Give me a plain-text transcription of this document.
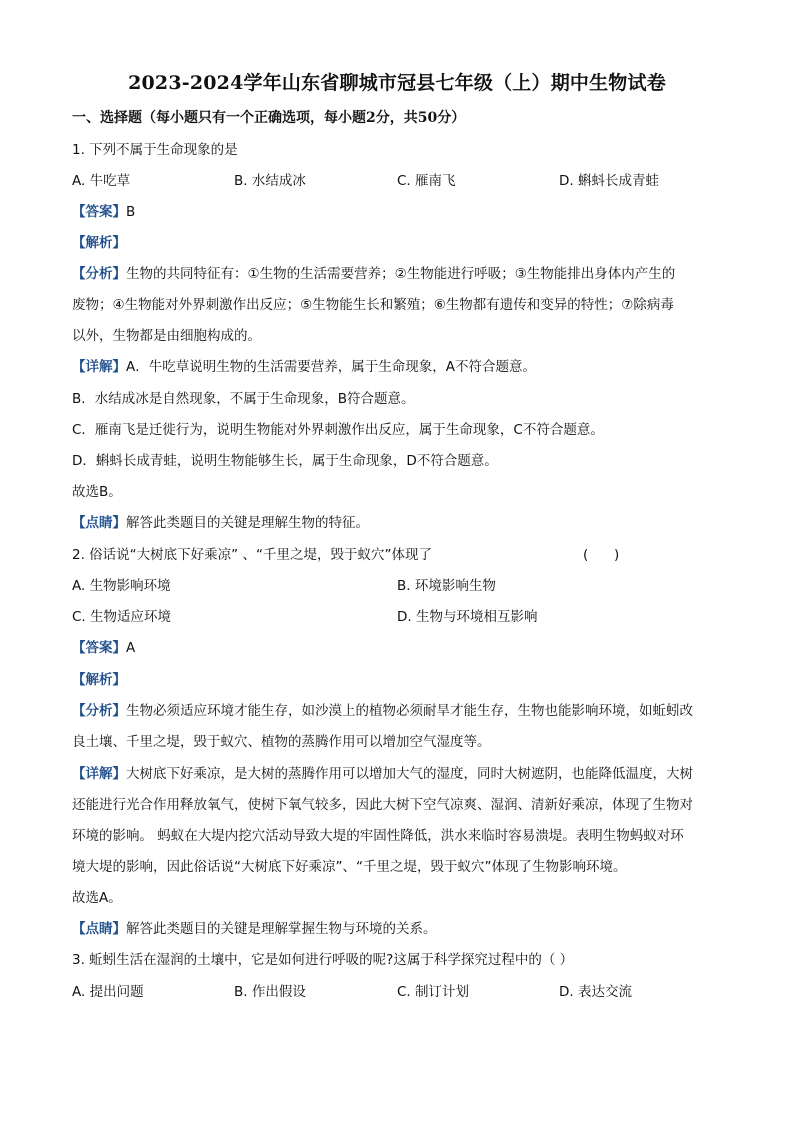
2023-2024学年山东省聊城市冠县七年级（上）期中生物试卷
一、选择题（每小题只有一个正确选项，每小题2分，共50分）
1. 下列不属于生命现象的是
A. 牛吃草	B. 水结成冰	C. 雁南飞	D. 蝌蚪长成青蛙
【答案】B
【解析】
【分析】生物的共同特征有：①生物的生活需要营养；②生物能进行呼吸；③生物能排出身体内产生的
废物；④生物能对外界刺激作出反应；⑤生物能生长和繁殖；⑥生物都有遗传和变异的特性；⑦除病毒
以外，生物都是由细胞构成的。
【详解】A．牛吃草说明生物的生活需要营养，属于生命现象，A不符合题意。
B．水结成冰是自然现象，不属于生命现象，B符合题意。
C．雁南飞是迁徙行为，说明生物能对外界刺激作出反应，属于生命现象，C不符合题意。
D．蝌蚪长成青蛙，说明生物能够生长，属于生命现象，D不符合题意。
故选B。
【点睛】解答此类题目的关键是理解生物的特征。
2. 俗话说“大树底下好乘凉” 、“千里之堤，毁于蚁穴”体现了	(      )
A. 生物影响环境	B. 环境影响生物
C. 生物适应环境	D. 生物与环境相互影响
【答案】A
【解析】
【分析】生物必须适应环境才能生存，如沙漠上的植物必须耐旱才能生存，生物也能影响环境，如蚯蚓改
良土壤、千里之堤，毁于蚁穴、植物的蒸腾作用可以增加空气湿度等。
【详解】大树底下好乘凉，是大树的蒸腾作用可以增加大气的湿度，同时大树遮阴，也能降低温度，大树
还能进行光合作用释放氧气，使树下氧气较多，因此大树下空气凉爽、湿润、清新好乘凉，体现了生物对
环境的影响。 蚂蚁在大堤内挖穴活动导致大堤的牢固性降低，洪水来临时容易溃堤。表明生物蚂蚁对环
境大堤的影响，因此俗话说“大树底下好乘凉”、“千里之堤，毁于蚁穴”体现了生物影响环境。
故选A。
【点睛】解答此类题目的关键是理解掌握生物与环境的关系。
3. 蚯蚓生活在湿润的土壤中，它是如何进行呼吸的呢?这属于科学探究过程中的（ ）
A. 提出问题	B. 作出假设	C. 制订计划	D. 表达交流
